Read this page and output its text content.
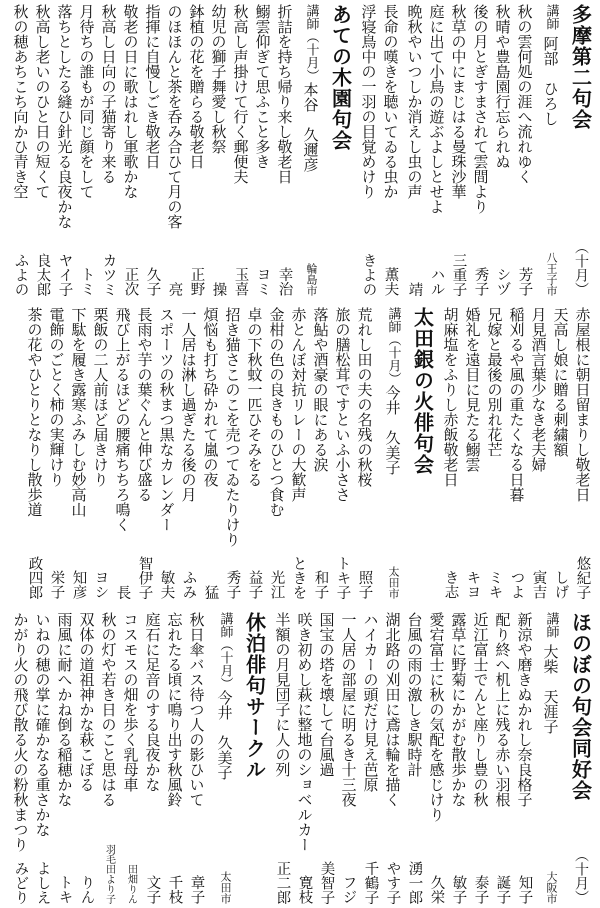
多摩第二句会
（十月）
講師
阿部　ひろし
八王子市
秋の雲何処の涯へ流れゆく
芳子
秋晴や豊島園行忘られぬ
シヅ
後の月とぎすまされて雲間より
秀子
秋草の中にまじはる曼珠沙華
三重子
庭に出て小鳥の遊ぶよしとせよ
ハル
晩秋やいつしか消えし虫の声
靖
長命の嘆きを聴いてゐる虫か
薫夫
浮寝鳥中の一羽の目覚めけり
きよの
あての木園句会
講師
（十月）
本谷　久邇彦
輪島市
折詰を持ち帰り来し敬老日
幸治
鰯雲仰ぎて思ふこと多き
ヨミ
秋高し声掛けて行く郵便夫
玉喜
幼児の獅子舞愛し秋祭
操
鉢植の花を贈らる敬老日
正野
のほほんと茶を呑み合ひて月の客
亮
指揮に自慢しごき敬老日
久子
敬老の日に歌はれし軍歌かな
正次
秋高し日向の子猫寄り来る
カツミ
月待ちの誰もが同じ顔をして
トミ
落ちとしたる縫ひ針光る良夜かな
ヤイ子
秋高し老いのひと日の短くて
良太郎
秋の穂あちこち向かひ青き空
ふよの
赤屋根に朝日留まりし敬老日
悠紀子
天高し娘に贈る刺繍額
しげ
月見酒言葉少なき老夫婦
寅吉
稲刈るや風の重たくなる日暮
つよ
兄嫁と最後の別れ花芒
ミキ
婚礼を遠目に見たる鰯雲
キヨ
胡麻塩をふりし赤飯敬老日
き志
太田銀の火俳句会
講師
（十月）
今井　久美子
太田市
荒れし田の夫の名残の秋桜
照子
旅の膳松茸ですといふ小ささ
トキ子
落鮎や酒豪の眼にある涙
和子
赤とんぼ対抗リレーの大歓声
ときを
金柑の色の良きものひとつ食む
光江
卓の下秋蚊一匹ひそみをる
益子
招き猫さこのこを売つてゐたりけり
秀子
煩悩も打ち砕かれて嵐の夜
猛
一人居は淋し過ぎたる後の月
ふみ
スポーツの秋まつ黒なカレンダー
敏夫
長雨や芋の葉ぐんと伸び盛る
智伊子
飛び上がるほどの腰痛ちちろ鳴く
長
栗飯の二人前ほど届きけり
ヨシ
下駄を履き露寒ふみしむ妙高山
知彦
電飾のごとく柿の実輝けり
栄子
茶の花やひとりとなりし散歩道
政四郎
ほのぼの句会同好会
（十月）
講師
大柴　天涯子
大阪市
新涼や磨きぬかれし奈良格子
知子
配り終へ机上に残る赤い羽根
誕子
近江富士でんと座りし豊の秋
泰子
露草に野菊にかがむ散歩かな
敏子
愛宕富士に秋の気配を感じけり
久栄
台風の雨の激しき駅時計
湧一郎
湖北路の刈田に鳶は輪を描く
やす子
ハイカーの頭だけ見え芭原
千鶴子
一人居の部屋に明るき十三夜
フジ
国宝の塔を壊して台風過
美智子
咲き初めし萩に整地のショベルカー
寛枝
半額の月見団子に人の列
正二郎
休泊俳句サークル
講師
（十月）
今井　久美子
太田市
秋日傘バス待つ人の影ひいて
章子
忘れたる頃に鳴り出す秋風鈴
千枝
庭石に足音のする良夜かな
文子
コスモスの畑を歩く乳母車
田畑りん
秋の灯や若き日のこと思はる
羽毛田より子
双体の道祖神かな萩こぼる
りん
雨風に耐へかね倒る稲穂かな
トキ
いねの穂の掌に確かなる重さかな
よしえ
かがり火の飛び散る火の粉秋まつり
みどり
